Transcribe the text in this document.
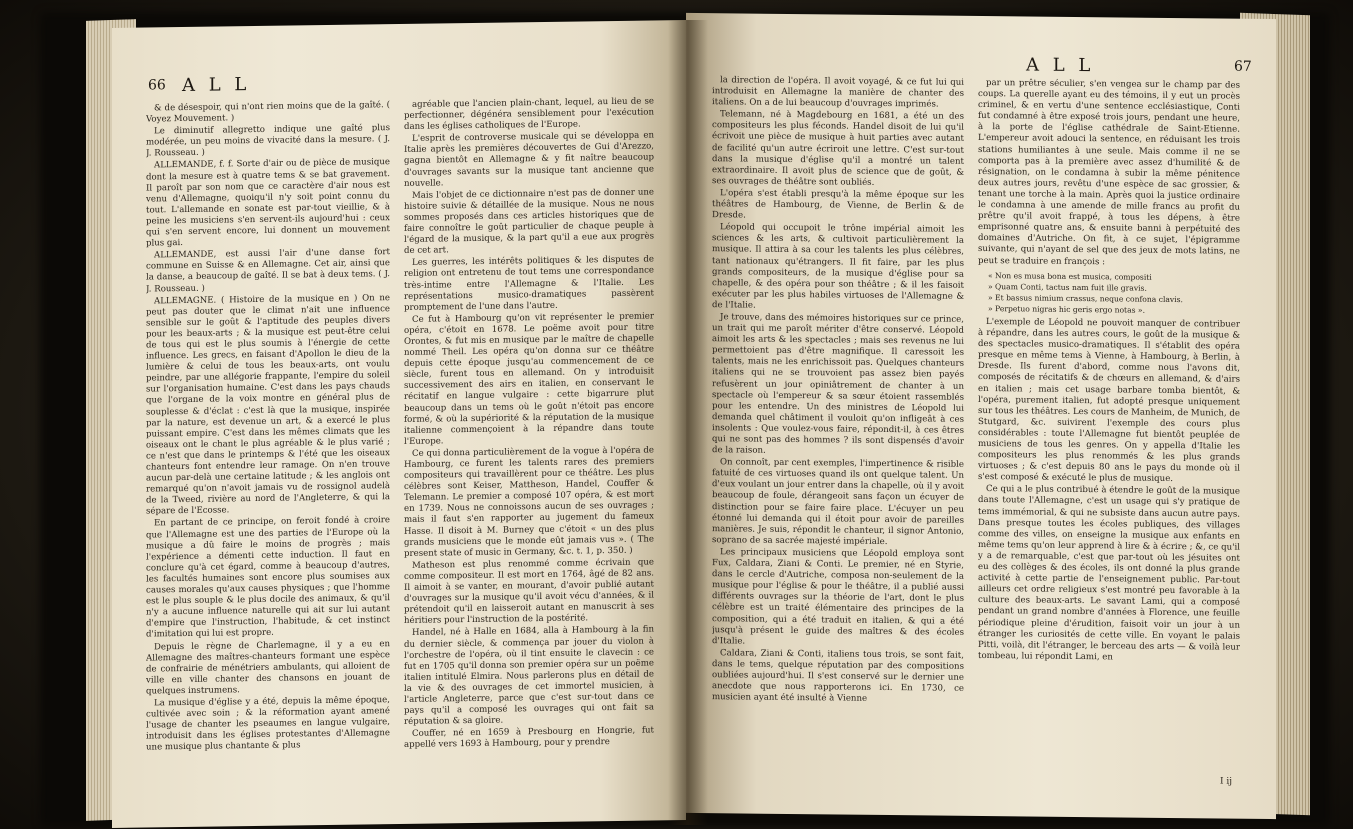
66 A L L

& de désespoir, qui n'ont rien moins que de la gaîté. ( Voyez Mouvement. )

Le diminutif allegretto indique une gaîté plus modérée, un peu moins de vivacité dans la mesure. ( J. J. Rousseau. )

ALLEMANDE, f. f. Sorte d'air ou de pièce de musique dont la mesure est à quatre tems & se bat gravement. Il paroît par son nom que ce caractère d'air nous est venu d'Allemagne, quoiqu'il n'y soit point connu du tout. L'allemande en sonate est par-tout vieillie, & à peine les musiciens s'en servent-ils aujourd'hui : ceux qui s'en servent encore, lui donnent un mouvement plus gai.

ALLEMANDE, est aussi l'air d'une danse fort commune en Suisse & en Allemagne. Cet air, ainsi que la danse, a beaucoup de gaîté. Il se bat à deux tems. ( J. J. Rousseau. )

ALLEMAGNE. ( Histoire de la musique en ) On ne peut pas douter que le climat n'ait une influence sensible sur le goût & l'aptitude des peuples divers pour les beaux-arts ; & la musique est peut-être celui de tous qui est le plus soumis à l'énergie de cette influence. Les grecs, en faisant d'Apollon le dieu de la lumière & celui de tous les beaux-arts, ont voulu peindre, par une allégorie frappante, l'empire du soleil sur l'organisation humaine. C'est dans les pays chauds que l'organe de la voix montre en général plus de souplesse & d'éclat : c'est là que la musique, inspirée par la nature, est devenue un art, & a exercé le plus puissant empire. C'est dans les mêmes climats que les oiseaux ont le chant le plus agréable & le plus varié ; ce n'est que dans le printemps & l'été que les oiseaux chanteurs font entendre leur ramage. On n'en trouve aucun par-delà une certaine latitude ; & les anglois ont remarqué qu'on n'avoit jamais vu de rossignol audelà de la Tweed, rivière au nord de l'Angleterre, & qui la sépare de l'Ecosse.

En partant de ce principe, on feroit fondé à croire que l'Allemagne est une des parties de l'Europe où la musique a dû faire le moins de progrès ; mais l'expérience a démenti cette induction. Il faut en conclure qu'à cet égard, comme à beaucoup d'autres, les facultés humaines sont encore plus soumises aux causes morales qu'aux causes physiques ; que l'homme est le plus souple & le plus docile des animaux, & qu'il n'y a aucune influence naturelle qui ait sur lui autant d'empire que l'instruction, l'habitude, & cet instinct d'imitation qui lui est propre.

Depuis le règne de Charlemagne, il y a eu en Allemagne des maîtres-chanteurs formant une espèce de confrairie de ménétriers ambulants, qui alloient de ville en ville chanter des chansons en jouant de quelques instrumens.

La musique d'église y a été, depuis la même époque, cultivée avec soin ; & la réformation ayant amené l'usage de chanter les pseaumes en langue vulgaire, introduisit dans les églises protestantes d'Allemagne une musique plus chantante & plus

agréable que l'ancien plain-chant, lequel, au lieu de se perfectionner, dégénéra sensiblement pour l'exécution dans les églises catholiques de l'Europe.

L'esprit de controverse musicale qui se développa en Italie après les premières découvertes de Gui d'Arezzo, gagna bientôt en Allemagne & y fit naître beaucoup d'ouvrages savants sur la musique tant ancienne que nouvelle.

Mais l'objet de ce dictionnaire n'est pas de donner une histoire suivie & détaillée de la musique. Nous ne nous sommes proposés dans ces articles historiques que de faire connoître le goût particulier de chaque peuple à l'égard de la musique, & la part qu'il a eue aux progrès de cet art.

Les guerres, les intérêts politiques & les disputes de religion ont entretenu de tout tems une correspondance très-intime entre l'Allemagne & l'Italie. Les représentations musico-dramatiques passèrent promptement de l'une dans l'autre.

Ce fut à Hambourg qu'on vit représenter le premier opéra, c'étoit en 1678. Le poëme avoit pour titre Orontes, & fut mis en musique par le maître de chapelle nommé Theil. Les opéra qu'on donna sur ce théâtre depuis cette époque jusqu'au commencement de ce siècle, furent tous en allemand. On y introduisit successivement des airs en italien, en conservant le récitatif en langue vulgaire : cette bigarrure plut beaucoup dans un tems où le goût n'étoit pas encore formé, & où la supériorité & la réputation de la musique italienne commençoient à la répandre dans toute l'Europe.

Ce qui donna particulièrement de la vogue à l'opéra de Hambourg, ce furent les talents rares des premiers compositeurs qui travaillèrent pour ce théâtre. Les plus célèbres sont Keiser, Mattheson, Handel, Couffer & Telemann. Le premier a composé 107 opéra, & est mort en 1739. Nous ne connoissons aucun de ses ouvrages ; mais il faut s'en rapporter au jugement du fameux Hasse. Il disoit à M. Burney que c'étoit « un des plus grands musiciens que le monde eût jamais vus ». ( The present state of music in Germany, &c. t. 1, p. 350. )

Matheson est plus renommé comme écrivain que comme compositeur. Il est mort en 1764, âgé de 82 ans. Il aimoit à se vanter, en mourant, d'avoir publié autant d'ouvrages sur la musique qu'il avoit vécu d'années, & il prétendoit qu'il en laisseroit autant en manuscrit à ses héritiers pour l'instruction de la postérité.

Handel, né à Halle en 1684, alla à Hambourg à la fin du dernier siècle, & commença par jouer du violon à l'orchestre de l'opéra, où il tint ensuite le clavecin : ce fut en 1705 qu'il donna son premier opéra sur un poëme italien intitulé Elmira. Nous parlerons plus en détail de la vie & des ouvrages de cet immortel musicien, à l'article Angleterre, parce que c'est sur-tout dans ce pays qu'il a composé les ouvrages qui ont fait sa réputation & sa gloire.

Couffer, né en 1659 à Presbourg en Hongrie, fut appellé vers 1693 à Hambourg, pour y prendre

A L L	67

la direction de l'opéra. Il avoit voyagé, & ce fut lui qui introduisit en Allemagne la manière de chanter des italiens. On a de lui beaucoup d'ouvrages imprimés.

Telemann, né à Magdebourg en 1681, a été un des compositeurs les plus féconds. Handel disoit de lui qu'il écrivoit une pièce de musique à huit parties avec autant de facilité qu'un autre écriroit une lettre. C'est sur-tout dans la musique d'église qu'il a montré un talent extraordinaire. Il avoit plus de science que de goût, & ses ouvrages de théâtre sont oubliés.

L'opéra s'est établi presqu'à la même époque sur les théâtres de Hambourg, de Vienne, de Berlin & de Dresde.

Léopold qui occupoit le trône impérial aimoit les sciences & les arts, & cultivoit particulièrement la musique. Il attira à sa cour les talents les plus célèbres, tant nationaux qu'étrangers. Il fit faire, par les plus grands compositeurs, de la musique d'église pour sa chapelle, & des opéra pour son théâtre ; & il les faisoit exécuter par les plus habiles virtuoses de l'Allemagne & de l'Italie.

Je trouve, dans des mémoires historiques sur ce prince, un trait qui me paroît mériter d'être conservé. Léopold aimoit les arts & les spectacles ; mais ses revenus ne lui permettoient pas d'être magnifique. Il caressoit les talents, mais ne les enrichissoit pas. Quelques chanteurs italiens qui ne se trouvoient pas assez bien payés refusèrent un jour opiniâtrement de chanter à un spectacle où l'empereur & sa sœur étoient rassemblés pour les entendre. Un des ministres de Léopold lui demanda quel châtiment il vouloit qu'on infligeât à ces insolents : Que voulez-vous faire, répondit-il, à ces êtres qui ne sont pas des hommes ? ils sont dispensés d'avoir de la raison.

On connoît, par cent exemples, l'impertinence & risible fatuité de ces virtuoses quand ils ont quelque talent. Un d'eux voulant un jour entrer dans la chapelle, où il y avoit beaucoup de foule, dérangeoit sans façon un écuyer de distinction pour se faire faire place. L'écuyer un peu étonné lui demanda qui il étoit pour avoir de pareilles manières. Je suis, répondit le chanteur, il signor Antonio, soprano de sa sacrée majesté impériale.

Les principaux musiciens que Léopold employa sont Fux, Caldara, Ziani & Conti. Le premier, né en Styrie, dans le cercle d'Autriche, composa non-seulement de la musique pour l'église & pour le théâtre, il a publié aussi différents ouvrages sur la théorie de l'art, dont le plus célèbre est un traité élémentaire des principes de la composition, qui a été traduit en italien, & qui a été jusqu'à présent le guide des maîtres & des écoles d'Italie.

Caldara, Ziani & Conti, italiens tous trois, se sont fait, dans le tems, quelque réputation par des compositions oubliées aujourd'hui. Il s'est conservé sur le dernier une anecdote que nous rapporterons ici. En 1730, ce musicien ayant été insulté à Vienne

par un prêtre séculier, s'en vengea sur le champ par des coups. La querelle ayant eu des témoins, il y eut un procès criminel, & en vertu d'une sentence ecclésiastique, Conti fut condamné à être exposé trois jours, pendant une heure, à la porte de l'église cathédrale de Saint-Etienne. L'empereur avoit adouci la sentence, en réduisant les trois stations humiliantes à une seule. Mais comme il ne se comporta pas à la première avec assez d'humilité & de résignation, on le condamna à subir la même pénitence deux autres jours, revêtu d'une espèce de sac grossier, & tenant une torche à la main. Après quoi la justice ordinaire le condamna à une amende de mille francs au profit du prêtre qu'il avoit frappé, à tous les dépens, à être emprisonné quatre ans, & ensuite banni à perpétuité des domaines d'Autriche. On fit, à ce sujet, l'épigramme suivante, qui n'ayant de sel que des jeux de mots latins, ne peut se traduire en françois :

« Non es musa bona est musica, compositi
» Quam Conti, tactus nam fuit ille gravis.
» Et bassus nimium crassus, neque confona clavis.
» Perpetuo nigras hic geris ergo notas ».

L'exemple de Léopold ne pouvoit manquer de contribuer à répandre, dans les autres cours, le goût de la musique & des spectacles musico-dramatiques. Il s'établit des opéra presque en même tems à Vienne, à Hambourg, à Berlin, à Dresde. Ils furent d'abord, comme nous l'avons dit, composés de récitatifs & de chœurs en allemand, & d'airs en italien ; mais cet usage barbare tomba bientôt, & l'opéra, purement italien, fut adopté presque uniquement sur tous les théâtres. Les cours de Manheim, de Munich, de Stutgard, &c. suivirent l'exemple des cours plus considérables : toute l'Allemagne fut bientôt peuplée de musiciens de tous les genres. On y appella d'Italie les compositeurs les plus renommés & les plus grands virtuoses ; & c'est depuis 80 ans le pays du monde où il s'est composé & exécuté le plus de musique.

Ce qui a le plus contribué à étendre le goût de la musique dans toute l'Allemagne, c'est un usage qui s'y pratique de tems immémorial, & qui ne subsiste dans aucun autre pays. Dans presque toutes les écoles publiques, des villages comme des villes, on enseigne la musique aux enfants en même tems qu'on leur apprend à lire & à écrire ; &, ce qu'il y a de remarquable, c'est que par-tout où les jésuites ont eu des collèges & des écoles, ils ont donné la plus grande activité à cette partie de l'enseignement public. Par-tout ailleurs cet ordre religieux s'est montré peu favorable à la culture des beaux-arts. Le savant Lami, qui a composé pendant un grand nombre d'années à Florence, une feuille périodique pleine d'érudition, faisoit voir un jour à un étranger les curiosités de cette ville. En voyant le palais Pitti, voilà, dit l'étranger, le berceau des arts — & voilà leur tombeau, lui répondit Lami, en

I ij
